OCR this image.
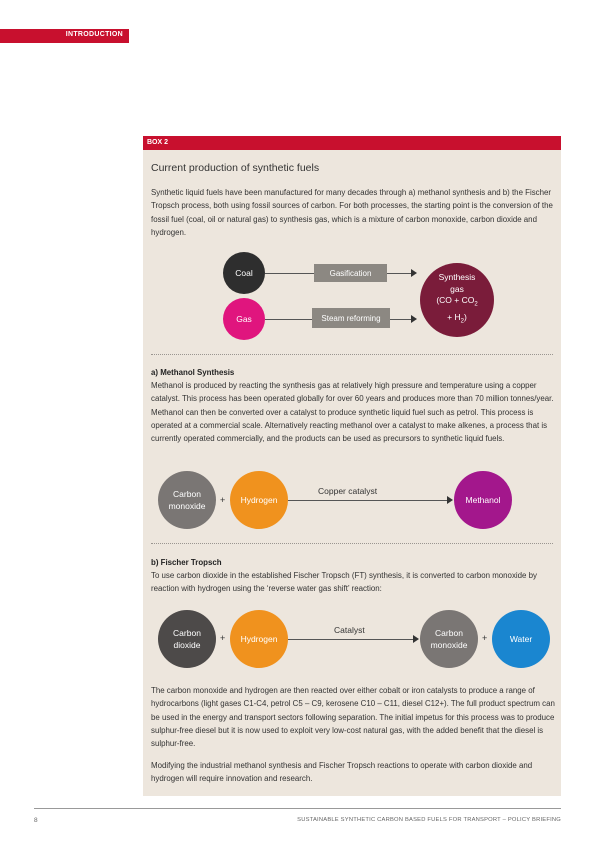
INTRODUCTION
BOX 2
Current production of synthetic fuels
Synthetic liquid fuels have been manufactured for many decades through a) methanol synthesis and b) the Fischer Tropsch process, both using fossil sources of carbon. For both processes, the starting point is the conversion of the fossil fuel (coal, oil or natural gas) to synthesis gas, which is a mixture of carbon monoxide, carbon dioxide and hydrogen.
Coal
Gas
Gasification
Steam reforming
Synthesis
gas
($CO + CO_2$
+ $H_2$)
a) Methanol Synthesis
Methanol is produced by reacting the synthesis gas at relatively high pressure and temperature using a copper catalyst. This process has been operated globally for over 60 years and produces more than 70 million tonnes/year. Methanol can then be converted over a catalyst to produce synthetic liquid fuel such as petrol. This process is operated at a commercial scale. Alternatively reacting methanol over a catalyst to make alkenes, a process that is currently operated commercially, and the products can be used as precursors to synthetic liquid fuels.
Carbon
monoxide
+ Hydrogen
Copper catalyst
Methanol
b) Fischer Tropsch
To use carbon dioxide in the established Fischer Tropsch (FT) synthesis, it is converted to carbon monoxide by reaction with hydrogen using the ‘reverse water gas shift’ reaction:
Carbon
dioxide
+ Hydrogen
Catalyst	Carbon
monoxide
+	Water
The carbon monoxide and hydrogen are then reacted over either cobalt or iron catalysts to produce a range of hydrocarbons (light gases C1-C4, petrol C5 – C9, kerosene C10 – C11, diesel C12+). The full product spectrum can be used in the energy and transport sectors following separation. The initial impetus for this process was to produce sulphur-free diesel but it is now used to exploit very low-cost natural gas, with the added benefit that the diesel is sulphur-free.
Modifying the industrial methanol synthesis and Fischer Tropsch reactions to operate with carbon dioxide and hydrogen will require innovation and research.
8	SUSTAINABLE SYNTHETIC CARBON BASED FUELS FOR TRANSPORT – POLICY BRIEFING
